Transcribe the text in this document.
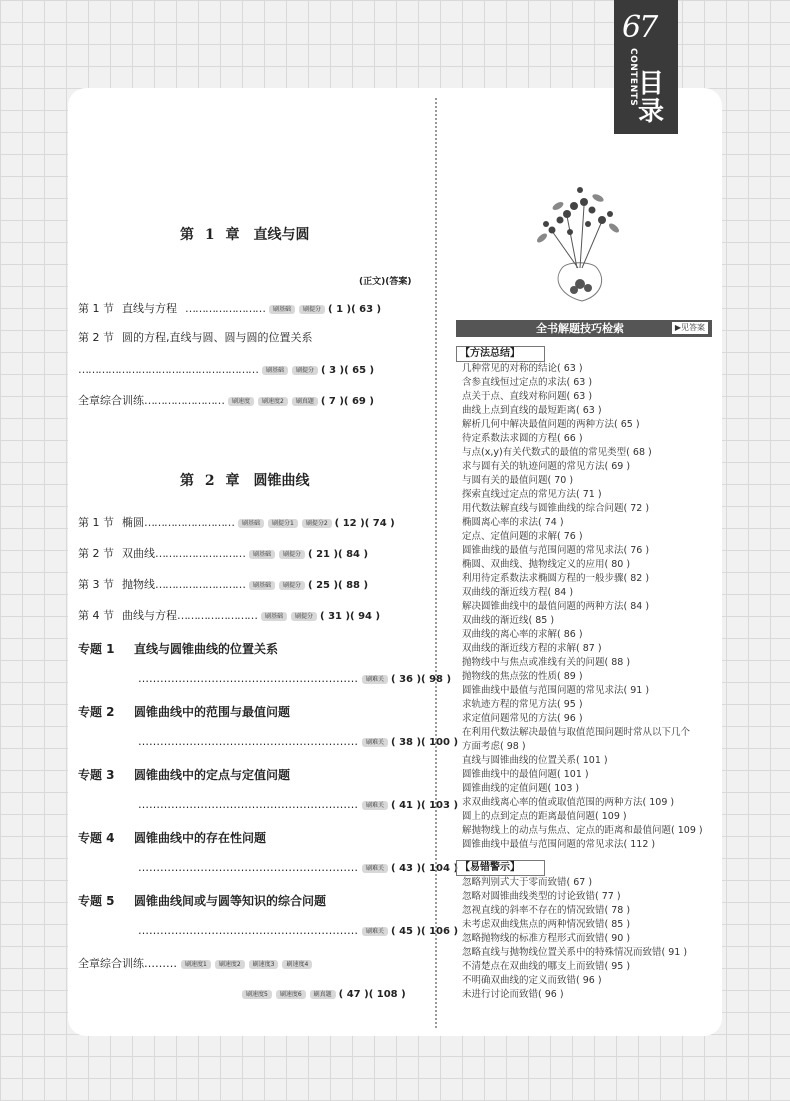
67
CONTENTS 目录
第 1 章　直线与圆
(正文)(答案)
第 1 节 直线与方程 …………………… 刷基础 刷提分 ( 1 )( 63 )
第 2 节 圆的方程,直线与圆、圆与圆的位置关系
……………………………………………… 刷基础 刷提分 ( 3 )( 65 )
全章综合训练…………………… 刷速度 刷速度2 刷真题 ( 7 )( 69 )
第 2 章　圆锥曲线
第 1 节 椭圆……………………… 刷基础 刷提分1 刷提分2 ( 12 )( 74 )
第 2 节 双曲线……………………… 刷基础 刷提分 ( 21 )( 84 )
第 3 节 抛物线……………………… 刷基础 刷提分 ( 25 )( 88 )
第 4 节 曲线与方程…………………… 刷基础 刷提分 ( 31 )( 94 )
专题 1 直线与圆锥曲线的位置关系
…………………………………………………… 刷难关 ( 36 )( 98 )
专题 2 圆锥曲线中的范围与最值问题
…………………………………………………… 刷难关 ( 38 )( 100 )
专题 3 圆锥曲线中的定点与定值问题
…………………………………………………… 刷难关 ( 41 )( 103 )
专题 4 圆锥曲线中的存在性问题
…………………………………………………… 刷难关 ( 43 )( 104 )
专题 5 圆锥曲线间或与圆等知识的综合问题
…………………………………………………… 刷难关 ( 45 )( 106 )
全章综合训练……… 刷速度1 刷速度2 刷速度3 刷速度4
刷速度5 刷速度6 刷真题 ( 47 )( 108 )
全书解题技巧检索	▶见答案
【方法总结】
几种常见的对称的结论( 63 )
含参直线恒过定点的求法( 63 )
点关于点、直线对称问题( 63 )
曲线上点到直线的最短距离( 63 )
解析几何中解决最值问题的两种方法( 65 )
待定系数法求圆的方程( 66 )
与点(x,y)有关代数式的最值的常见类型( 68 )
求与圆有关的轨迹问题的常见方法( 69 )
与圆有关的最值问题( 70 )
探索直线过定点的常见方法( 71 )
用代数法解直线与圆锥曲线的综合问题( 72 )
椭圆离心率的求法( 74 )
定点、定值问题的求解( 76 )
圆锥曲线的最值与范围问题的常见求法( 76 )
椭圆、双曲线、抛物线定义的应用( 80 )
利用待定系数法求椭圆方程的一般步骤( 82 )
双曲线的渐近线方程( 84 )
解决圆锥曲线中的最值问题的两种方法( 84 )
双曲线的渐近线( 85 )
双曲线的离心率的求解( 86 )
双曲线的渐近线方程的求解( 87 )
抛物线中与焦点或准线有关的问题( 88 )
抛物线的焦点弦的性质( 89 )
圆锥曲线中最值与范围问题的常见求法( 91 )
求轨迹方程的常见方法( 95 )
求定值问题常见的方法( 96 )
在利用代数法解决最值与取值范围问题时常从以下几个
方面考虑( 98 )
直线与圆锥曲线的位置关系( 101 )
圆锥曲线中的最值问题( 101 )
圆锥曲线的定值问题( 103 )
求双曲线离心率的值或取值范围的两种方法( 109 )
圆上的点到定点的距离最值问题( 109 )
解抛物线上的动点与焦点、定点的距离和最值问题( 109 )
圆锥曲线中最值与范围问题的常见求法( 112 )
【易错警示】
忽略判别式大于零而致错( 67 )
忽略对圆锥曲线类型的讨论致错( 77 )
忽视直线的斜率不存在的情况致错( 78 )
未考虑双曲线焦点的两种情况致错( 85 )
忽略抛物线的标准方程形式而致错( 90 )
忽略直线与抛物线位置关系中的特殊情况而致错( 91 )
不清楚点在双曲线的哪支上而致错( 95 )
不明确双曲线的定义而致错( 96 )
未进行讨论而致错( 96 )
